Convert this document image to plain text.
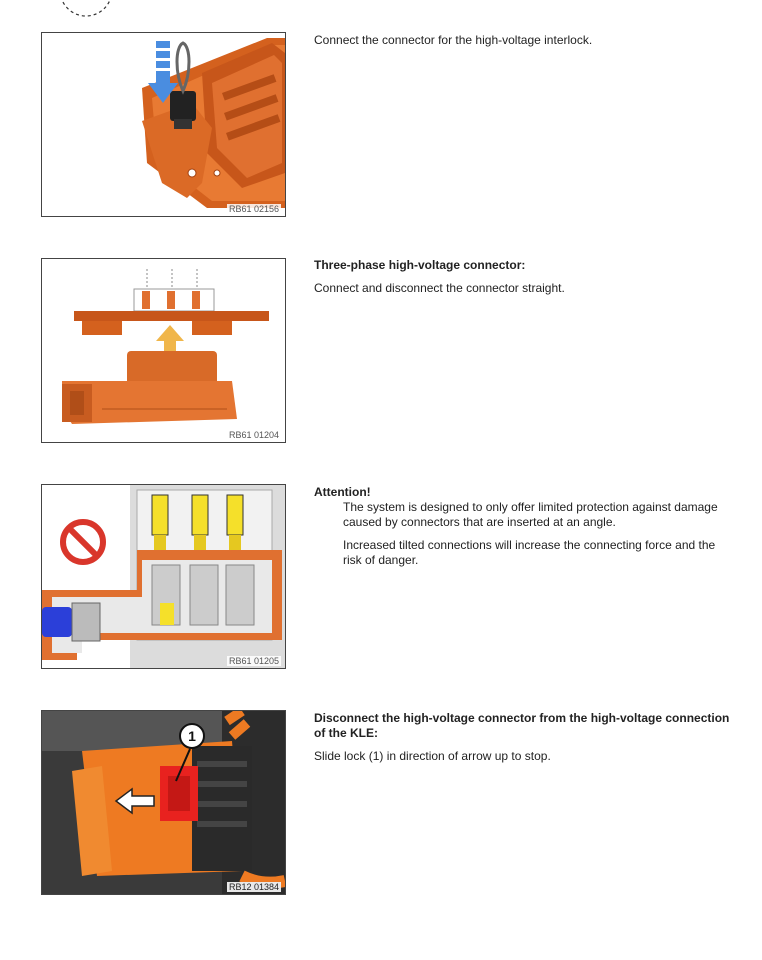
RB61 02156

Connect the connector for the high-voltage interlock.

RB61 01204

Three-phase high-voltage connector:

Connect and disconnect the connector straight.

RB61 01205

Attention!

The system is designed to only offer limited protection against damage caused by connectors that are inserted at an angle.

Increased tilted connections will increase the connecting force and the risk of danger.

1
RB12 01384

Disconnect the high-voltage connector from the high-voltage connection of the KLE:

Slide lock (1) in direction of arrow up to stop.
